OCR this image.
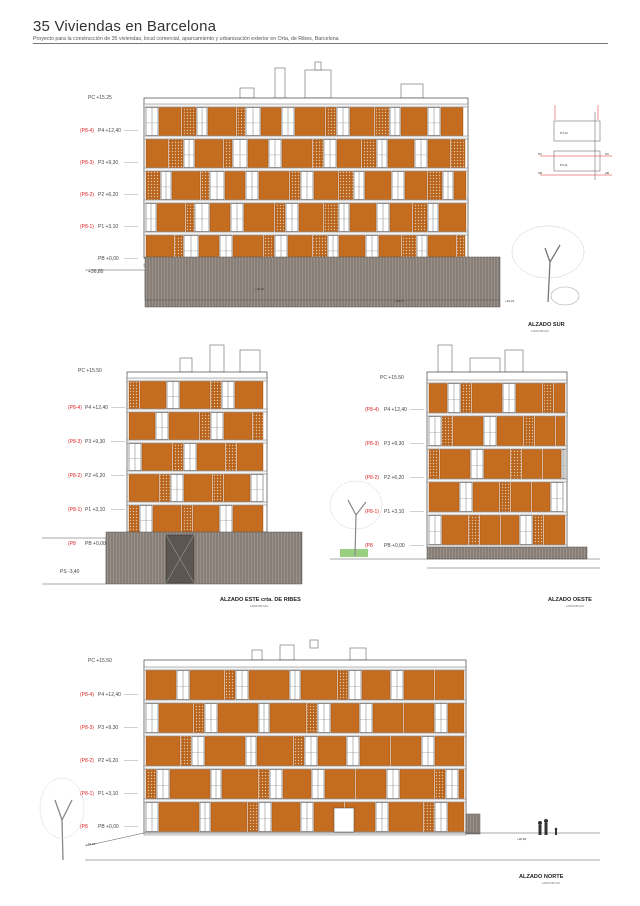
35 Viviendas en Barcelona
Proyecto para la construcción de 35 viviendas, local comercial, aparcamiento y urbanización exterior en Orta, de Ribes, Barcelona
PC +15.25
+36,80
(P8-4) P4 +12,40
(P8-3) P3 +9,30
(P8-2) P2 +6,20
(P8-1) P1 +3,10
PB +0,00
+34,20
+34,17	+34,24
ALZADO SUR
1/200 DIN A3
P4.12
P4.11
NV	NV
AB	AB
PC +15.50
(P8-4) P4 +12,40
(P8-3) P3 +9,30
(P8-2) P2 +6,20
(P8-1) P1 +3,10
(P8 PB +0,00
PS -3,40
ALZADO ESTE crta. DE RIBES
1/200 DIN A3
PC +15.50
(P8-4) P4 +12,40
(P8-3) P3 +9,30
(P8-2) P2 +6,20
(P8-1) P1 +3,10
(P8 PB +0,00
ALZADO OESTE
1/200 DIN A3
PC +15.50
(P8-4) P4 +12,40
(P8-3) P3 +9,30
(P8-2) P2 +6,20
(P8-1) P1 +3,10
(P8 PB +0,00
+36,80
+34,95
ALZADO NORTE
1/200 DIN A3
